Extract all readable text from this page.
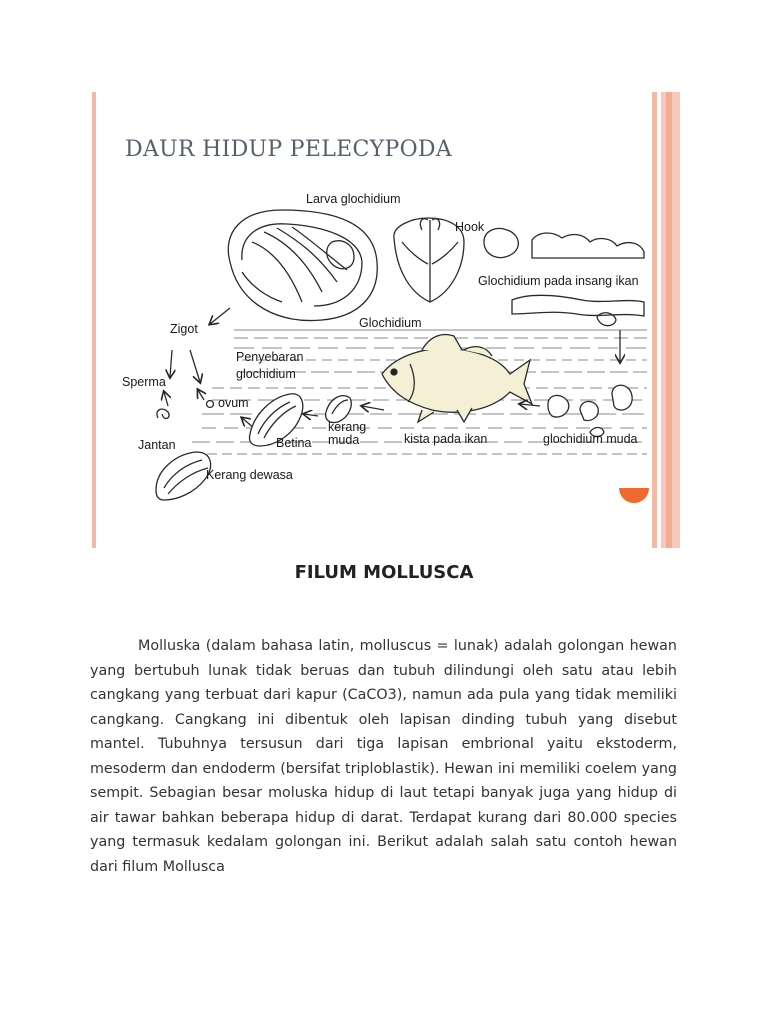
DAUR HIDUP PELECYPODA
Larva glochidium
Hook
Glochidium pada insang ikan
Glochidium
Zigot
Penyebaran
glochidium
Sperma
ovum
Jantan	Betina
kerang
muda	kista pada ikan	glochidium muda
Kerang dewasa
FILUM MOLLUSCA

Molluska (dalam bahasa latin, molluscus = lunak) adalah golongan hewan yang bertubuh lunak tidak beruas dan tubuh dilindungi oleh satu atau lebih cangkang yang terbuat dari kapur (CaCO3), namun ada pula yang tidak memiliki cangkang. Cangkang ini dibentuk oleh lapisan dinding tubuh yang disebut mantel. Tubuhnya tersusun dari tiga lapisan embrional yaitu ekstoderm, mesoderm dan endoderm (bersifat triploblastik). Hewan ini memiliki coelem yang sempit. Sebagian besar moluska hidup di laut tetapi banyak juga yang hidup di air tawar bahkan beberapa hidup di darat. Terdapat kurang dari 80.000 species yang termasuk kedalam golongan ini. Berikut adalah salah satu contoh hewan dari filum Mollusca
